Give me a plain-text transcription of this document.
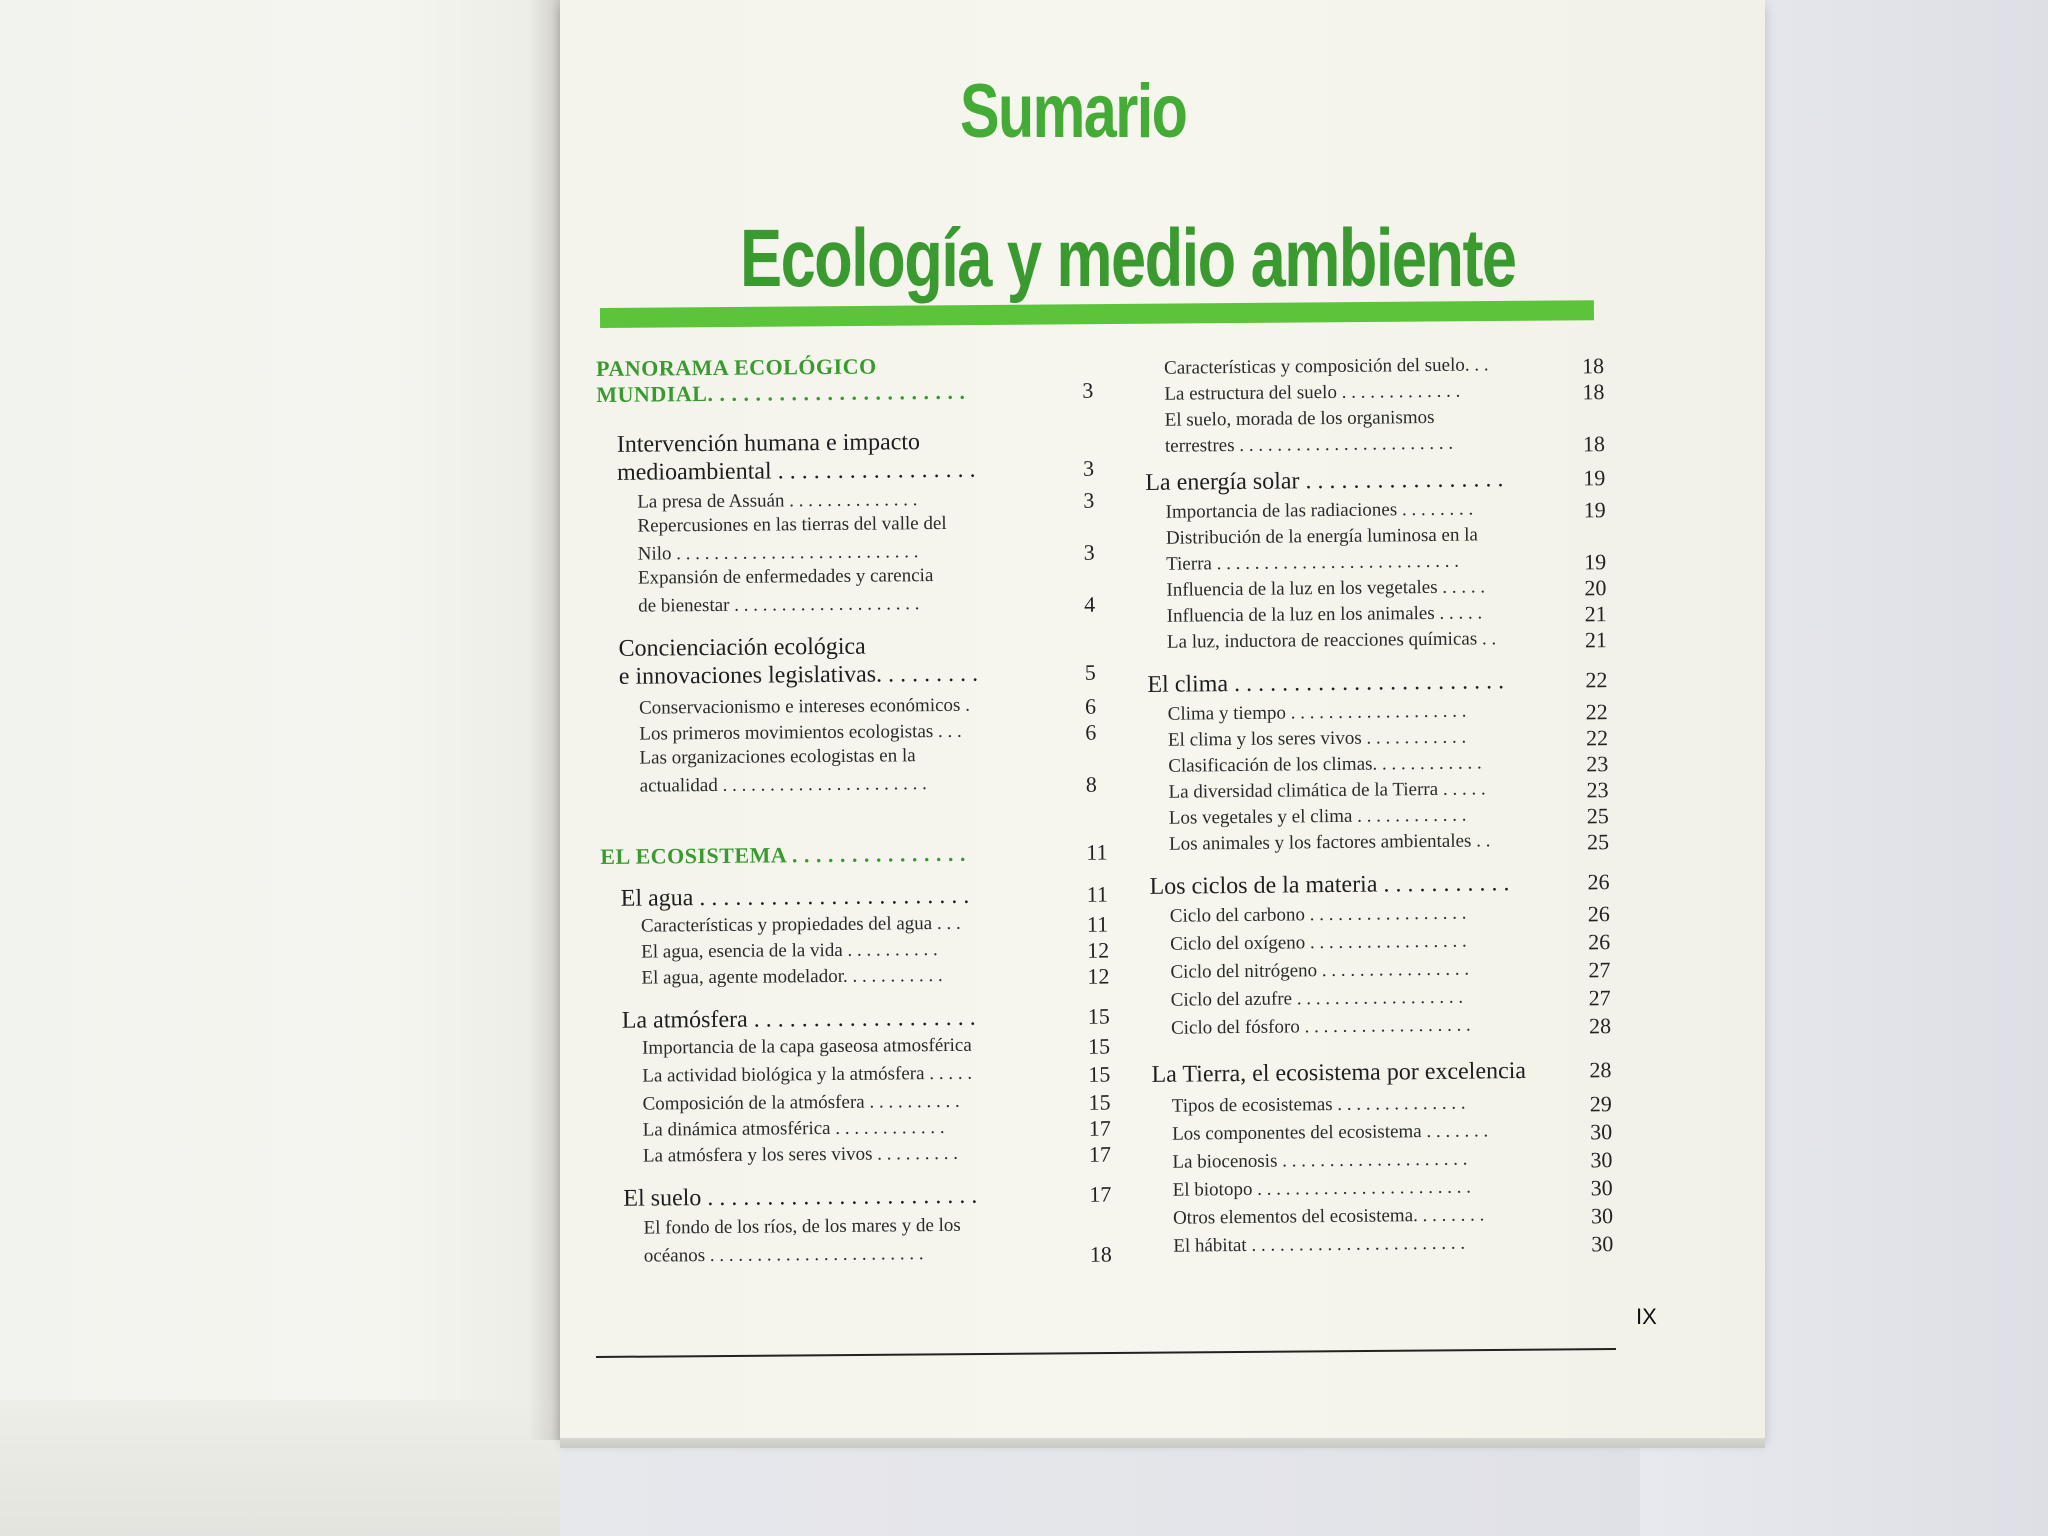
Sumario
Ecología y medio ambiente
PANORAMA ECOLÓGICO
MUNDIAL. . . . . . . . . . . . . . . . . . . . . .	3
Intervención humana e impacto
medioambiental . . . . . . . . . . . . . . . . .	3
La presa de Assuán . . . . . . . . . . . . . .	3
Repercusiones en las tierras del valle del
Nilo . . . . . . . . . . . . . . . . . . . . . . . . . .	3
Expansión de enfermedades y carencia
de bienestar . . . . . . . . . . . . . . . . . . . .	4
Concienciación ecológica
e innovaciones legislativas. . . . . . . . .	5
Conservacionismo e intereses económicos .	6
Los primeros movimientos ecologistas . . .	6
Las organizaciones ecologistas en la
actualidad . . . . . . . . . . . . . . . . . . . . . .	8
EL ECOSISTEMA . . . . . . . . . . . . . . .	11
El agua . . . . . . . . . . . . . . . . . . . . . . .	11
Características y propiedades del agua . . .	11
El agua, esencia de la vida . . . . . . . . . .	12
El agua, agente modelador. . . . . . . . . . .	12
La atmósfera . . . . . . . . . . . . . . . . . . .	15
Importancia de la capa gaseosa atmosférica	15
La actividad biológica y la atmósfera . . . . .	15
Composición de la atmósfera . . . . . . . . . .	15
La dinámica atmosférica . . . . . . . . . . . .	17
La atmósfera y los seres vivos . . . . . . . . .	17
El suelo . . . . . . . . . . . . . . . . . . . . . . .	17
El fondo de los ríos, de los mares y de los
océanos . . . . . . . . . . . . . . . . . . . . . . .	18
Características y composición del suelo. . .	18
La estructura del suelo . . . . . . . . . . . . .	18
El suelo, morada de los organismos
terrestres . . . . . . . . . . . . . . . . . . . . . . .	18
La energía solar . . . . . . . . . . . . . . . . .	19
Importancia de las radiaciones . . . . . . . .	19
Distribución de la energía luminosa en la
Tierra . . . . . . . . . . . . . . . . . . . . . . . . . .	19
Influencia de la luz en los vegetales . . . . .	20
Influencia de la luz en los animales . . . . .	21
La luz, inductora de reacciones químicas . .	21
El clima . . . . . . . . . . . . . . . . . . . . . . .	22
Clima y tiempo . . . . . . . . . . . . . . . . . . .	22
El clima y los seres vivos . . . . . . . . . . .	22
Clasificación de los climas. . . . . . . . . . . .	23
La diversidad climática de la Tierra . . . . .	23
Los vegetales y el clima . . . . . . . . . . . .	25
Los animales y los factores ambientales . .	25
Los ciclos de la materia . . . . . . . . . . .	26
Ciclo del carbono . . . . . . . . . . . . . . . . .	26
Ciclo del oxígeno . . . . . . . . . . . . . . . . .	26
Ciclo del nitrógeno . . . . . . . . . . . . . . . .	27
Ciclo del azufre . . . . . . . . . . . . . . . . . .	27
Ciclo del fósforo . . . . . . . . . . . . . . . . . .	28
La Tierra, el ecosistema por excelencia	28
Tipos de ecosistemas . . . . . . . . . . . . . .	29
Los componentes del ecosistema . . . . . . .	30
La biocenosis . . . . . . . . . . . . . . . . . . . .	30
El biotopo . . . . . . . . . . . . . . . . . . . . . . .	30
Otros elementos del ecosistema. . . . . . . .	30
El hábitat . . . . . . . . . . . . . . . . . . . . . . .	30
IX
